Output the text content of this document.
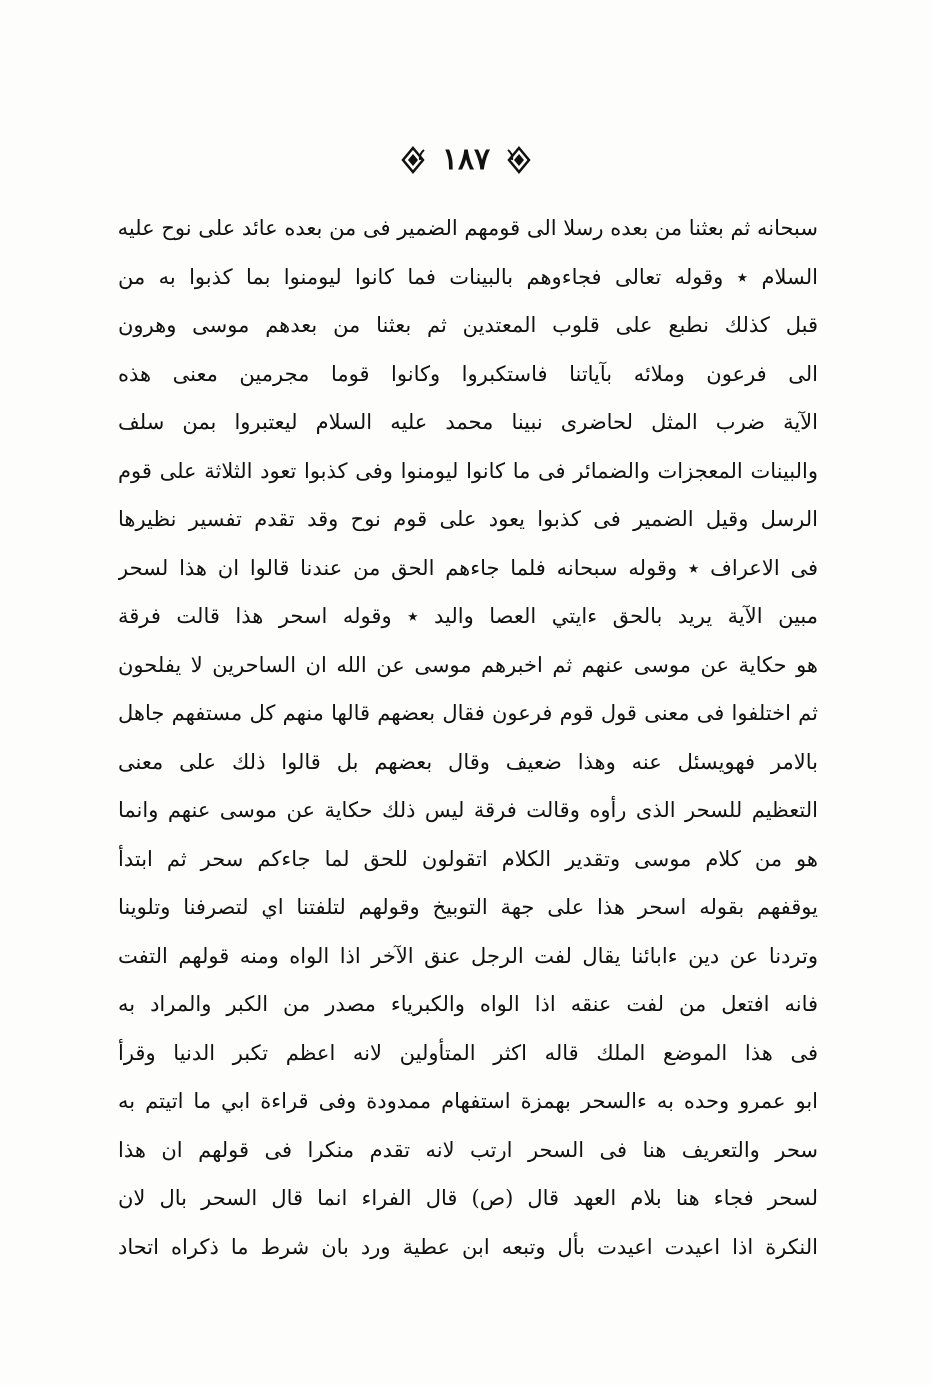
١٨٧
سبحانه ثم بعثنا من بعده رسلا الى قومهم الضمير فى من بعده عائد على نوح عليه
السلام ٭ وقوله تعالى فجاءوهم بالبينات فما كانوا ليومنوا بما كذبوا به من
قبل كذلك نطبع على قلوب المعتدين ثم بعثنا من بعدهم موسى وهرون
الى فرعون وملائه بآياتنا فاستكبروا وكانوا قوما مجرمين معنى هذه
الآية ضرب المثل لحاضرى نبينا محمد عليه السلام ليعتبروا بمن سلف
والبينات المعجزات والضمائر فى ما كانوا ليومنوا وفى كذبوا تعود الثلاثة على قوم
الرسل وقيل الضمير فى كذبوا يعود على قوم نوح وقد تقدم تفسير نظيرها
فى الاعراف ٭ وقوله سبحانه فلما جاءهم الحق من عندنا قالوا ان هذا لسحر
مبين الآية يريد بالحق ءايتي العصا واليد ٭ وقوله اسحر هذا قالت فرقة
هو حكاية عن موسى عنهم ثم اخبرهم موسى عن الله ان الساحرين لا يفلحون
ثم اختلفوا فى معنى قول قوم فرعون فقال بعضهم قالها منهم كل مستفهم جاهل
بالامر فهويسئل عنه وهذا ضعيف وقال بعضهم بل قالوا ذلك على معنى
التعظيم للسحر الذى رأوه وقالت فرقة ليس ذلك حكاية عن موسى عنهم وانما
هو من كلام موسى وتقدير الكلام اتقولون للحق لما جاءكم سحر ثم ابتدأ
يوقفهم بقوله اسحر هذا على جهة التوبيخ وقولهم لتلفتنا اي لتصرفنا وتلوينا
وتردنا عن دين ءابائنا يقال لفت الرجل عنق الآخر اذا الواه ومنه قولهم التفت
فانه افتعل من لفت عنقه اذا الواه والكبرياء مصدر من الكبر والمراد به
فى هذا الموضع الملك قاله اكثر المتأولين لانه اعظم تكبر الدنيا وقرأ
ابو عمرو وحده به ءالسحر بهمزة استفهام ممدودة وفى قراءة ابي ما اتيتم به
سحر والتعريف هنا فى السحر ارتب لانه تقدم منكرا فى قولهم ان هذا
لسحر فجاء هنا بلام العهد قال (ص) قال الفراء انما قال السحر بال لان
النكرة اذا اعيدت اعيدت بأل وتبعه ابن عطية ورد بان شرط ما ذكراه اتحاد
